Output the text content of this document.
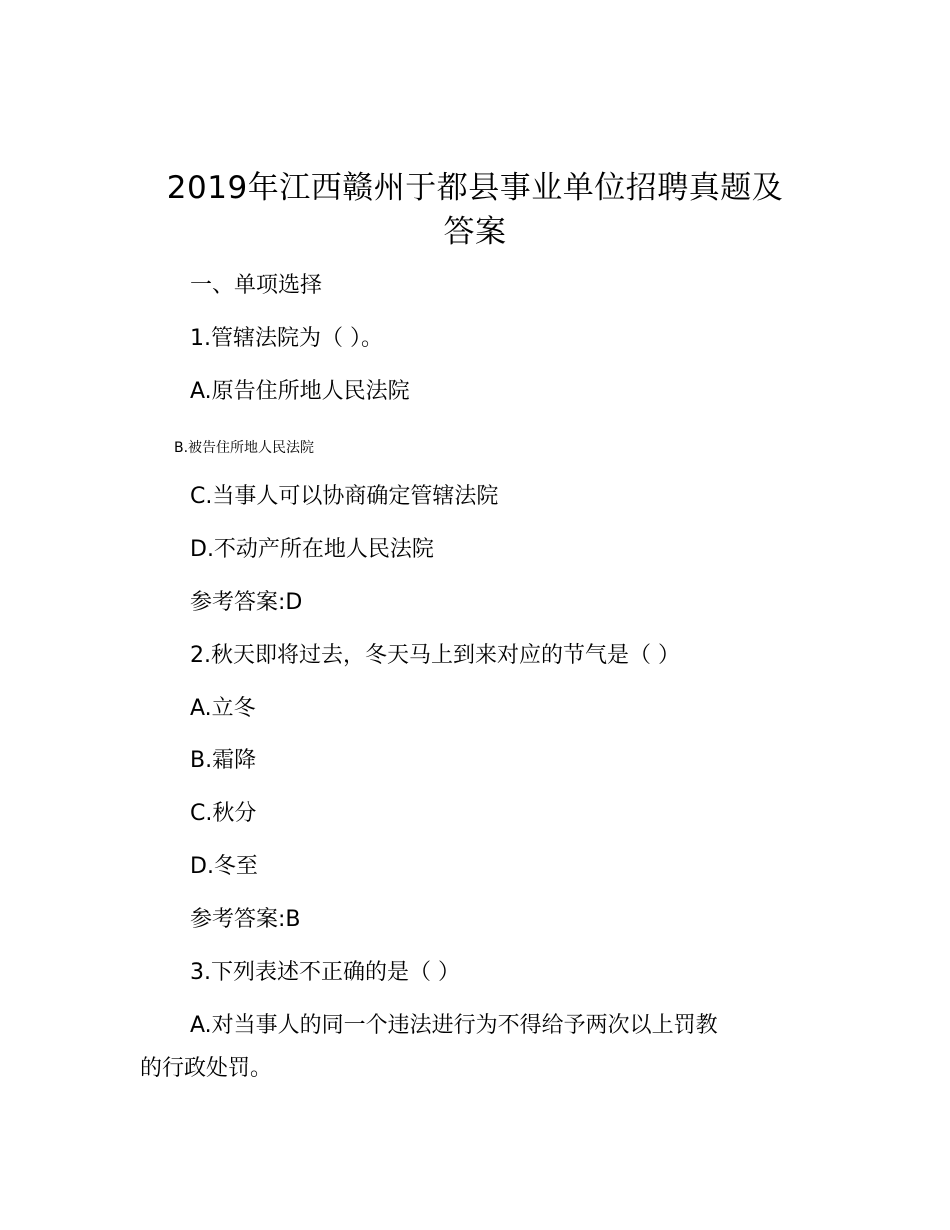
2019年江西赣州于都县事业单位招聘真题及
答案
一、单项选择
1.管辖法院为（ ）。
A.原告住所地人民法院
B.被告住所地人民法院
C.当事人可以协商确定管辖法院
D.不动产所在地人民法院
参考答案:D
2.秋天即将过去，冬天马上到来对应的节气是（ ）
A.立冬
B.霜降
C.秋分
D.冬至
参考答案:B
3.下列表述不正确的是（ ）
A.对当事人的同一个违法进行为不得给予两次以上罚教
的行政处罚。
